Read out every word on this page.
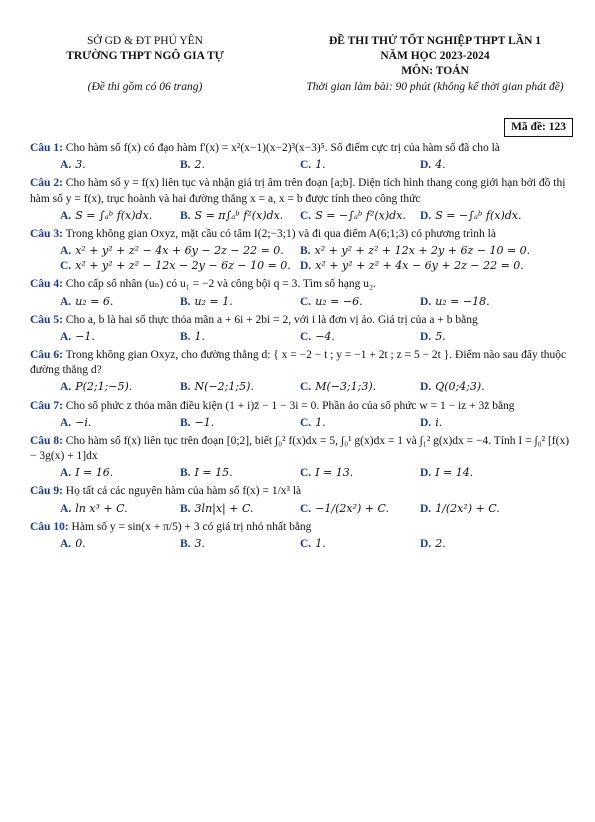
SỞ GD & ĐT PHÚ YÊN
TRƯỜNG THPT NGÔ GIA TỰ
(Đề thi gồm có 06 trang)
ĐỀ THI THỬ TỐT NGHIỆP THPT LẦN 1
NĂM HỌC 2023-2024
MÔN: TOÁN
Thời gian làm bài: 90 phút (không kể thời gian phát đề)
Mã đề: 123
Câu 1: Cho hàm số f(x) có đạo hàm f'(x) = x²(x−1)(x−2)³(x−3)⁵. Số điểm cực trị của hàm số đã cho là
A. 3.	B. 2.	C. 1.	D. 4.
Câu 2: Cho hàm số y = f(x) liên tục và nhận giá trị âm trên đoạn [a;b]. Diện tích hình thang cong giới hạn bởi đồ thị hàm số y = f(x), trục hoành và hai đường thẳng x = a, x = b được tính theo công thức
A. S = ∫ₐᵇ f(x)dx.	B. S = π∫ₐᵇ f²(x)dx.	C. S = −∫ₐᵇ f²(x)dx.	D. S = −∫ₐᵇ f(x)dx.
Câu 3: Trong không gian Oxyz, mặt cầu có tâm I(2;−3;1) và đi qua điểm A(6;1;3) có phương trình là
A. x² + y² + z² − 4x + 6y − 2z − 22 = 0.	B. x² + y² + z² + 12x + 2y + 6z − 10 = 0.
C. x² + y² + z² − 12x − 2y − 6z − 10 = 0. D. x² + y² + z² + 4x − 6y + 2z − 22 = 0.
Câu 4: Cho cấp số nhân (uₙ) có u₁ = −2 và công bội q = 3. Tìm số hạng u₂.
A. u₂ = 6.	B. u₂ = 1.	C. u₂ = −6.	D. u₂ = −18.
Câu 5: Cho a, b là hai số thực thỏa mãn a + 6i + 2bi = 2, với i là đơn vị ảo. Giá trị của a + b bằng
A. −1.	B. 1.	C. −4.	D. 5.
Câu 6: Trong không gian Oxyz, cho đường thẳng d: { x = −2 − t ; y = −1 + 2t ; z = 5 − 2t }. Điểm nào sau đây thuộc đường thẳng d?
A. P(2;1;−5).	B. N(−2;1;5).	C. M(−3;1;3).	D. Q(0;4;3).
Câu 7: Cho số phức z thỏa mãn điều kiện (1 + i)z̄ − 1 − 3i = 0. Phần ảo của số phức w = 1 − iz + 3z̄ bằng
A. −i.	B. −1.	C. 1.	D. i.
Câu 8: Cho hàm số f(x) liên tục trên đoạn [0;2], biết ∫₀² f(x)dx = 5, ∫₀¹ g(x)dx = 1 và ∫₁² g(x)dx = −4. Tính I = ∫₀² [f(x) − 3g(x) + 1]dx
A. I = 16.	B. I = 15.	C. I = 13.	D. I = 14.
Câu 9: Họ tất cả các nguyên hàm của hàm số f(x) = 1/x³ là
A. ln x³ + C.	B. 3ln|x| + C.	C. −1/(2x²) + C.	D. 1/(2x²) + C.
Câu 10: Hàm số y = sin(x + π/5) + 3 có giá trị nhỏ nhất bằng
A. 0.	B. 3.	C. 1.	D. 2.
